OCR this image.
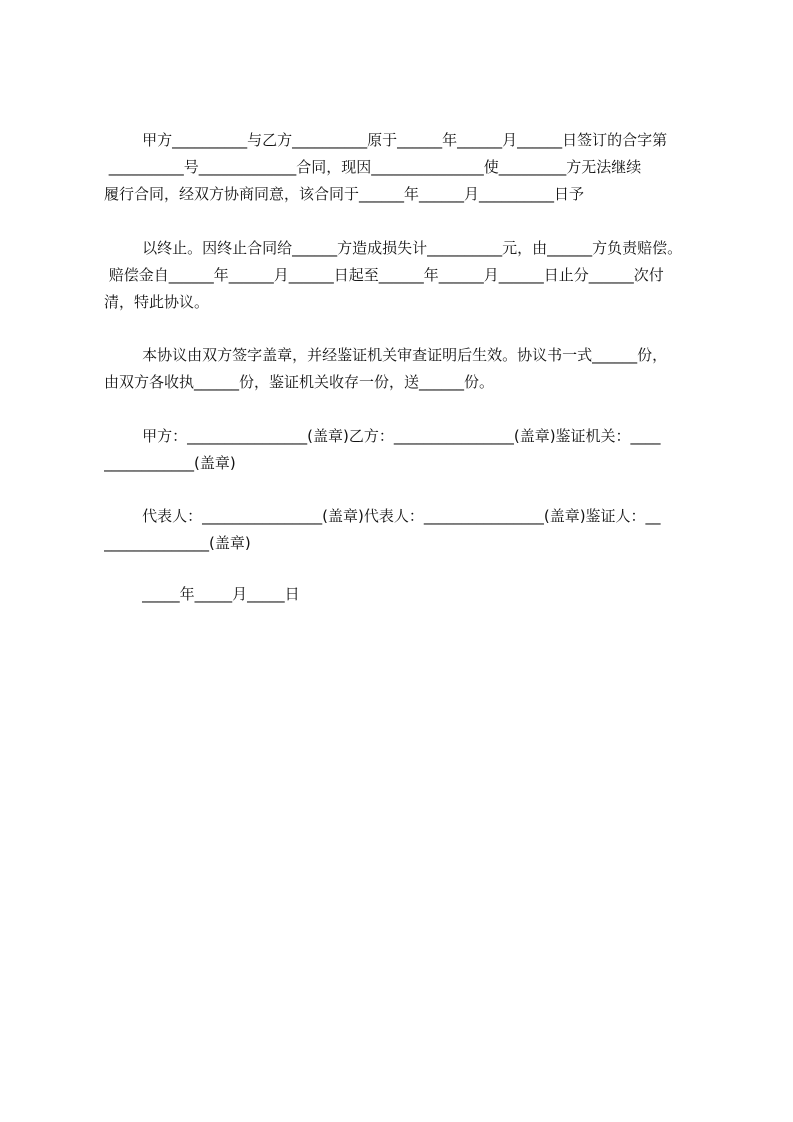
甲方__________与乙方__________原于______年______月______日签订的合字第
__________号_____________合同，现因_______________使_________方无法继续
履行合同，经双方协商同意，该合同于______年______月__________日予
以终止。因终止合同给______方造成损失计__________元，由______方负责赔偿。
赔偿金自______年______月______日起至______年______月______日止分______次付
清，特此协议。
本协议由双方签字盖章，并经鉴证机关审查证明后生效。协议书一式______份，
由双方各收执______份，鉴证机关收存一份，送______份。
甲方：________________(盖章)乙方：________________(盖章)鉴证机关：____
____________(盖章)
代表人：________________(盖章)代表人：________________(盖章)鉴证人：__
______________(盖章)
_____年_____月_____日
